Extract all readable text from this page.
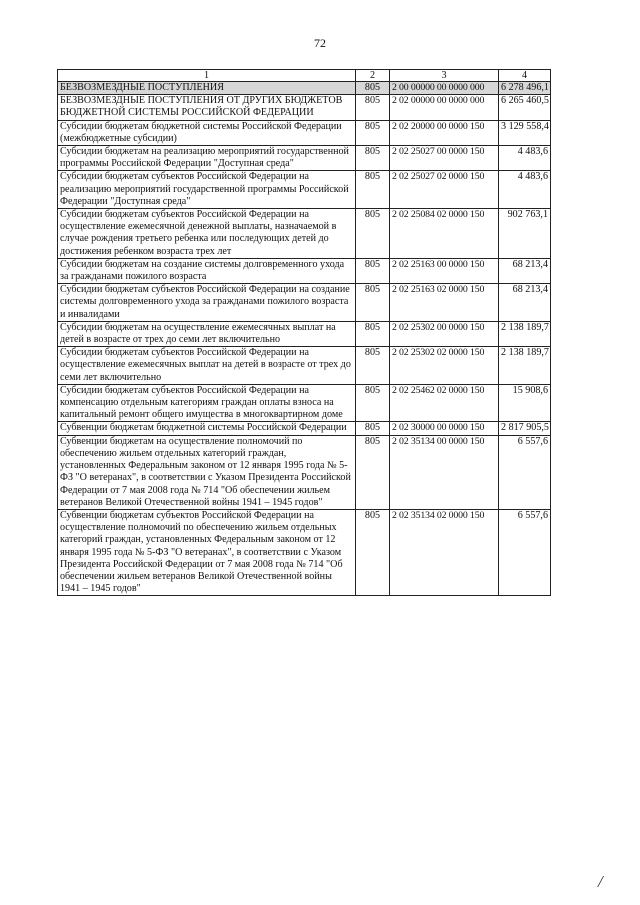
72
1	2	3	4
БЕЗВОЗМЕЗДНЫЕ ПОСТУПЛЕНИЯ	805	2 00 00000 00 0000 000	6 278 496,1
БЕЗВОЗМЕЗДНЫЕ ПОСТУПЛЕНИЯ ОТ ДРУГИХ БЮДЖЕТОВ БЮДЖЕТНОЙ СИСТЕМЫ РОССИЙСКОЙ ФЕДЕРАЦИИ	805	2 02 00000 00 0000 000	6 265 460,5
Субсидии бюджетам бюджетной системы Российской Федерации (межбюджетные субсидии)	805	2 02 20000 00 0000 150	3 129 558,4
Субсидии бюджетам на реализацию мероприятий государственной программы Российской Федерации "Доступная среда"	805	2 02 25027 00 0000 150	4 483,6
Субсидии бюджетам субъектов Российской Федерации на реализацию мероприятий государственной программы Российской Федерации "Доступная среда"	805	2 02 25027 02 0000 150	4 483,6
Субсидии бюджетам субъектов Российской Федерации на осуществление ежемесячной денежной выплаты, назначаемой в случае рождения третьего ребенка или последующих детей до достижения ребенком возраста трех лет	805	2 02 25084 02 0000 150	902 763,1
Субсидии бюджетам на создание системы долговременного ухода за гражданами пожилого возраста	805	2 02 25163 00 0000 150	68 213,4
Субсидии бюджетам субъектов Российской Федерации на создание системы долговременного ухода за гражданами пожилого возраста и инвалидами	805	2 02 25163 02 0000 150	68 213,4
Субсидии бюджетам на осуществление ежемесячных выплат на детей в возрасте от трех до семи лет включительно	805	2 02 25302 00 0000 150	2 138 189,7
Субсидии бюджетам субъектов Российской Федерации на осуществление ежемесячных выплат на детей в возрасте от трех до семи лет включительно	805	2 02 25302 02 0000 150	2 138 189,7
Субсидии бюджетам субъектов Российской Федерации на компенсацию отдельным категориям граждан оплаты взноса на капитальный ремонт общего имущества в многоквартирном доме	805	2 02 25462 02 0000 150	15 908,6
Субвенции бюджетам бюджетной системы Российской Федерации	805	2 02 30000 00 0000 150	2 817 905,5
Субвенции бюджетам на осуществление полномочий по обеспечению жильем отдельных категорий граждан, установленных Федеральным законом от 12 января 1995 года № 5-ФЗ "О ветеранах", в соответствии с Указом Президента Российской Федерации от 7 мая 2008 года № 714 "Об обеспечении жильем ветеранов Великой Отечественной войны 1941 – 1945 годов"	805	2 02 35134 00 0000 150	6 557,6
Субвенции бюджетам субъектов Российской Федерации на осуществление полномочий по обеспечению жильем отдельных категорий граждан, установленных Федеральным законом от 12 января 1995 года № 5-ФЗ "О ветеранах", в соответствии с Указом Президента Российской Федерации от 7 мая 2008 года № 714 "Об обеспечении жильем ветеранов Великой Отечественной войны 1941 – 1945 годов"	805	2 02 35134 02 0000 150	6 557,6
/
